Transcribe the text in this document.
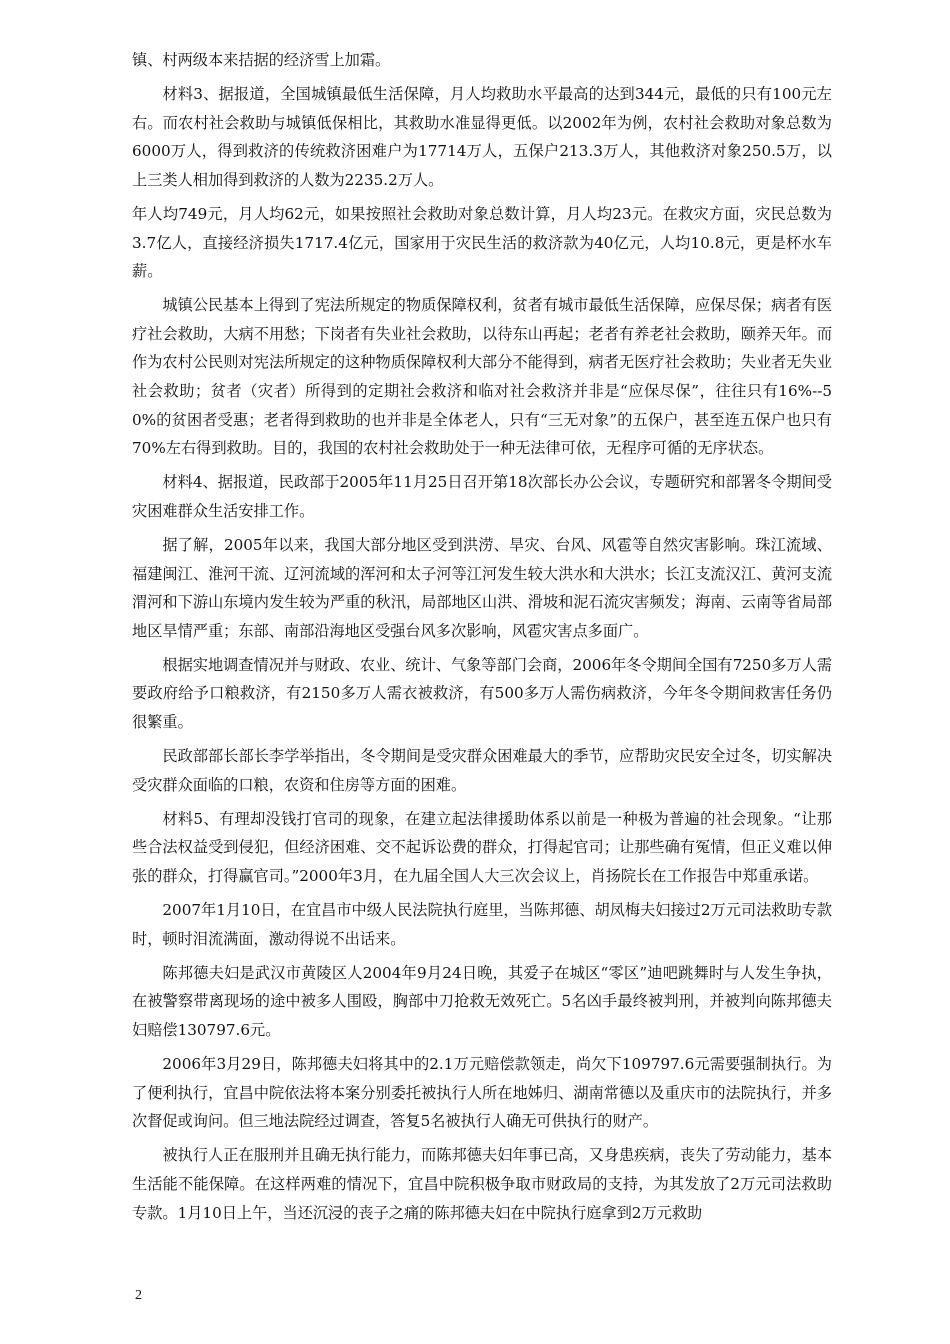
镇、村两级本来拮据的经济雪上加霜。

材料3、据报道，全国城镇最低生活保障，月人均救助水平最高的达到344元，最低的只有100元左右。而农村社会救助与城镇低保相比，其救助水准显得更低。以2002年为例，农村社会救助对象总数为6000万人，得到救济的传统救济困难户为17714万人，五保户213.3万人，其他救济对象250.5万，以上三类人相加得到救济的人数为2235.2万人。

年人均749元，月人均62元，如果按照社会救助对象总数计算，月人均23元。在救灾方面，灾民总数为3.7亿人，直接经济损失1717.4亿元，国家用于灾民生活的救济款为40亿元，人均10.8元，更是杯水车薪。

城镇公民基本上得到了宪法所规定的物质保障权利，贫者有城市最低生活保障，应保尽保；病者有医疗社会救助，大病不用愁；下岗者有失业社会救助，以待东山再起；老者有养老社会救助，颐养天年。而作为农村公民则对宪法所规定的这种物质保障权利大部分不能得到，病者无医疗社会救助；失业者无失业社会救助；贫者（灾者）所得到的定期社会救济和临对社会救济并非是“应保尽保”，往往只有16%--50%的贫困者受惠；老者得到救助的也并非是全体老人，只有“三无对象”的五保户，甚至连五保户也只有70%左右得到救助。目的，我国的农村社会救助处于一种无法律可依，无程序可循的无序状态。

材料4、据报道，民政部于2005年11月25日召开第18次部长办公会议，专题研究和部署冬令期间受灾困难群众生活安排工作。

据了解，2005年以来，我国大部分地区受到洪涝、旱灾、台风、风雹等自然灾害影响。珠江流域、福建闽江、淮河干流、辽河流域的浑河和太子河等江河发生较大洪水和大洪水；长江支流汉江、黄河支流渭河和下游山东境内发生较为严重的秋汛，局部地区山洪、滑坡和泥石流灾害频发；海南、云南等省局部地区旱情严重；东部、南部沿海地区受强台风多次影响，风雹灾害点多面广。

根据实地调查情况并与财政、农业、统计、气象等部门会商，2006年冬令期间全国有7250多万人需要政府给予口粮救济，有2150多万人需衣被救济，有500多万人需伤病救济，今年冬令期间救害任务仍很繁重。

民政部部长部长李学举指出，冬令期间是受灾群众困难最大的季节，应帮助灾民安全过冬，切实解决受灾群众面临的口粮，农资和住房等方面的困难。

材料5、有理却没钱打官司的现象，在建立起法律援助体系以前是一种极为普遍的社会现象。“让那些合法权益受到侵犯，但经济困难、交不起诉讼费的群众，打得起官司；让那些确有冤情，但正义难以伸张的群众，打得赢官司。”2000年3月，在九届全国人大三次会议上，肖扬院长在工作报告中郑重承诺。

2007年1月10日，在宜昌市中级人民法院执行庭里，当陈邦德、胡凤梅夫妇接过2万元司法救助专款时，顿时泪流满面，激动得说不出话来。

陈邦德夫妇是武汉市黄陵区人2004年9月24日晚，其爱子在城区“零区”迪吧跳舞时与人发生争执，在被警察带离现场的途中被多人围殴，胸部中刀抢救无效死亡。5名凶手最终被判刑，并被判向陈邦德夫妇赔偿130797.6元。

2006年3月29日，陈邦德夫妇将其中的2.1万元赔偿款领走，尚欠下109797.6元需要强制执行。为了便利执行，宜昌中院依法将本案分别委托被执行人所在地姊归、湖南常德以及重庆市的法院执行，并多次督促或询问。但三地法院经过调查，答复5名被执行人确无可供执行的财产。

被执行人正在服刑并且确无执行能力，而陈邦德夫妇年事已高，又身患疾病，丧失了劳动能力，基本生活能不能保障。在这样两难的情况下，宜昌中院积极争取市财政局的支持，为其发放了2万元司法救助专款。1月10日上午，当还沉浸的丧子之痛的陈邦德夫妇在中院执行庭拿到2万元救助

2
